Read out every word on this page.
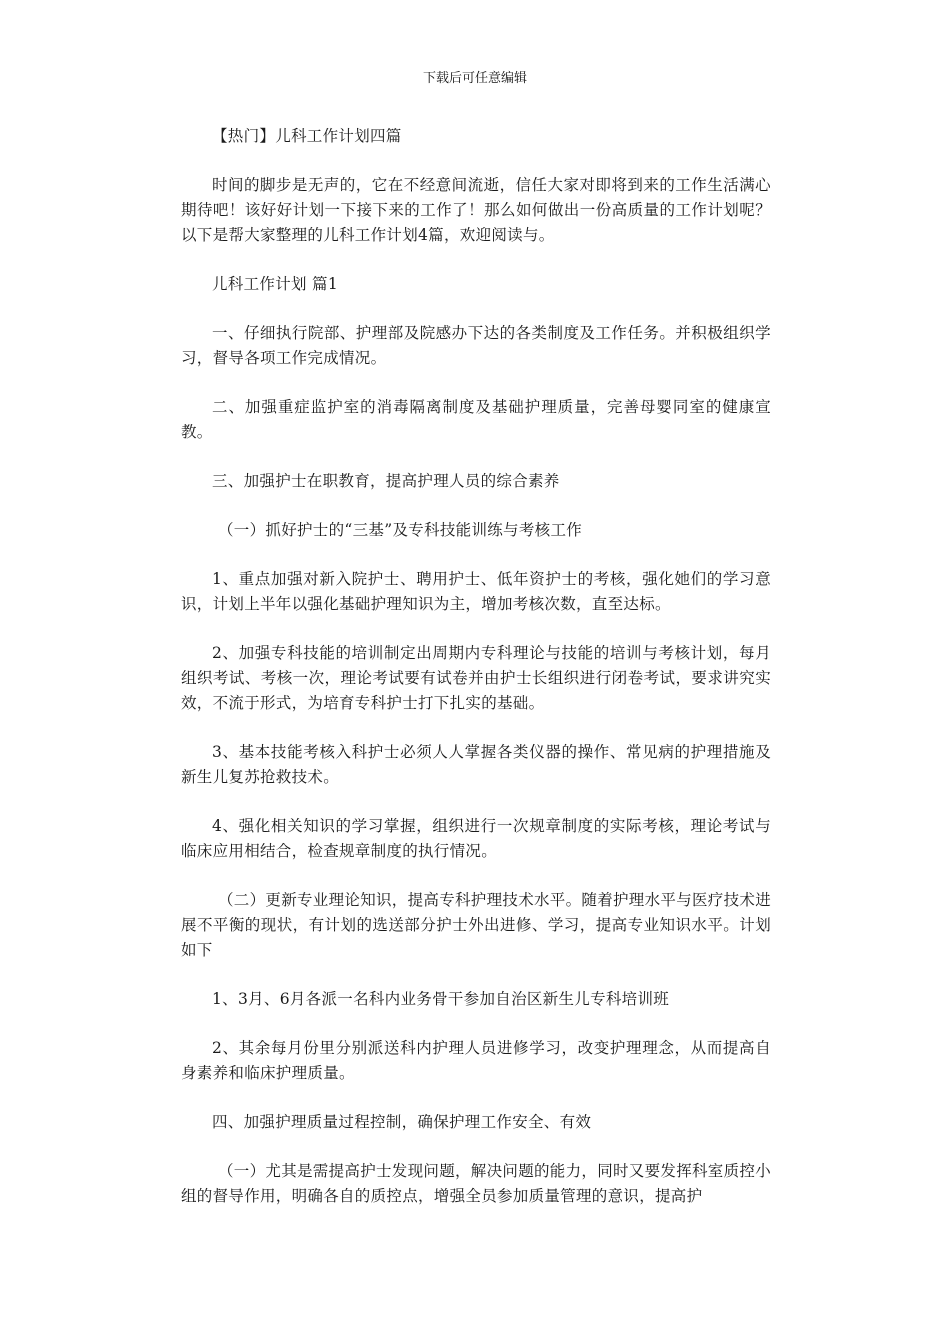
下载后可任意编辑

【热门】儿科工作计划四篇

时间的脚步是无声的，它在不经意间流逝，信任大家对即将到来的工作生活满心期待吧！该好好计划一下接下来的工作了！那么如何做出一份高质量的工作计划呢？以下是帮大家整理的儿科工作计划4篇，欢迎阅读与。

儿科工作计划 篇1

一、仔细执行院部、护理部及院感办下达的各类制度及工作任务。并积极组织学习，督导各项工作完成情况。

二、加强重症监护室的消毒隔离制度及基础护理质量，完善母婴同室的健康宣教。

三、加强护士在职教育，提高护理人员的综合素养

（一）抓好护士的“三基”及专科技能训练与考核工作

1、重点加强对新入院护士、聘用护士、低年资护士的考核，强化她们的学习意识，计划上半年以强化基础护理知识为主，增加考核次数，直至达标。

2、加强专科技能的培训制定出周期内专科理论与技能的培训与考核计划，每月组织考试、考核一次，理论考试要有试卷并由护士长组织进行闭卷考试，要求讲究实效，不流于形式，为培育专科护士打下扎实的基础。

3、基本技能考核入科护士必须人人掌握各类仪器的操作、常见病的护理措施及新生儿复苏抢救技术。

4、强化相关知识的学习掌握，组织进行一次规章制度的实际考核，理论考试与临床应用相结合，检查规章制度的执行情况。

（二）更新专业理论知识，提高专科护理技术水平。随着护理水平与医疗技术进展不平衡的现状，有计划的选送部分护士外出进修、学习，提高专业知识水平。计划如下

1、3月、6月各派一名科内业务骨干参加自治区新生儿专科培训班

2、其余每月份里分别派送科内护理人员进修学习，改变护理理念，从而提高自身素养和临床护理质量。

四、加强护理质量过程控制，确保护理工作安全、有效

（一）尤其是需提高护士发现问题，解决问题的能力，同时又要发挥科室质控小组的督导作用，明确各自的质控点，增强全员参加质量管理的意识，提高护
